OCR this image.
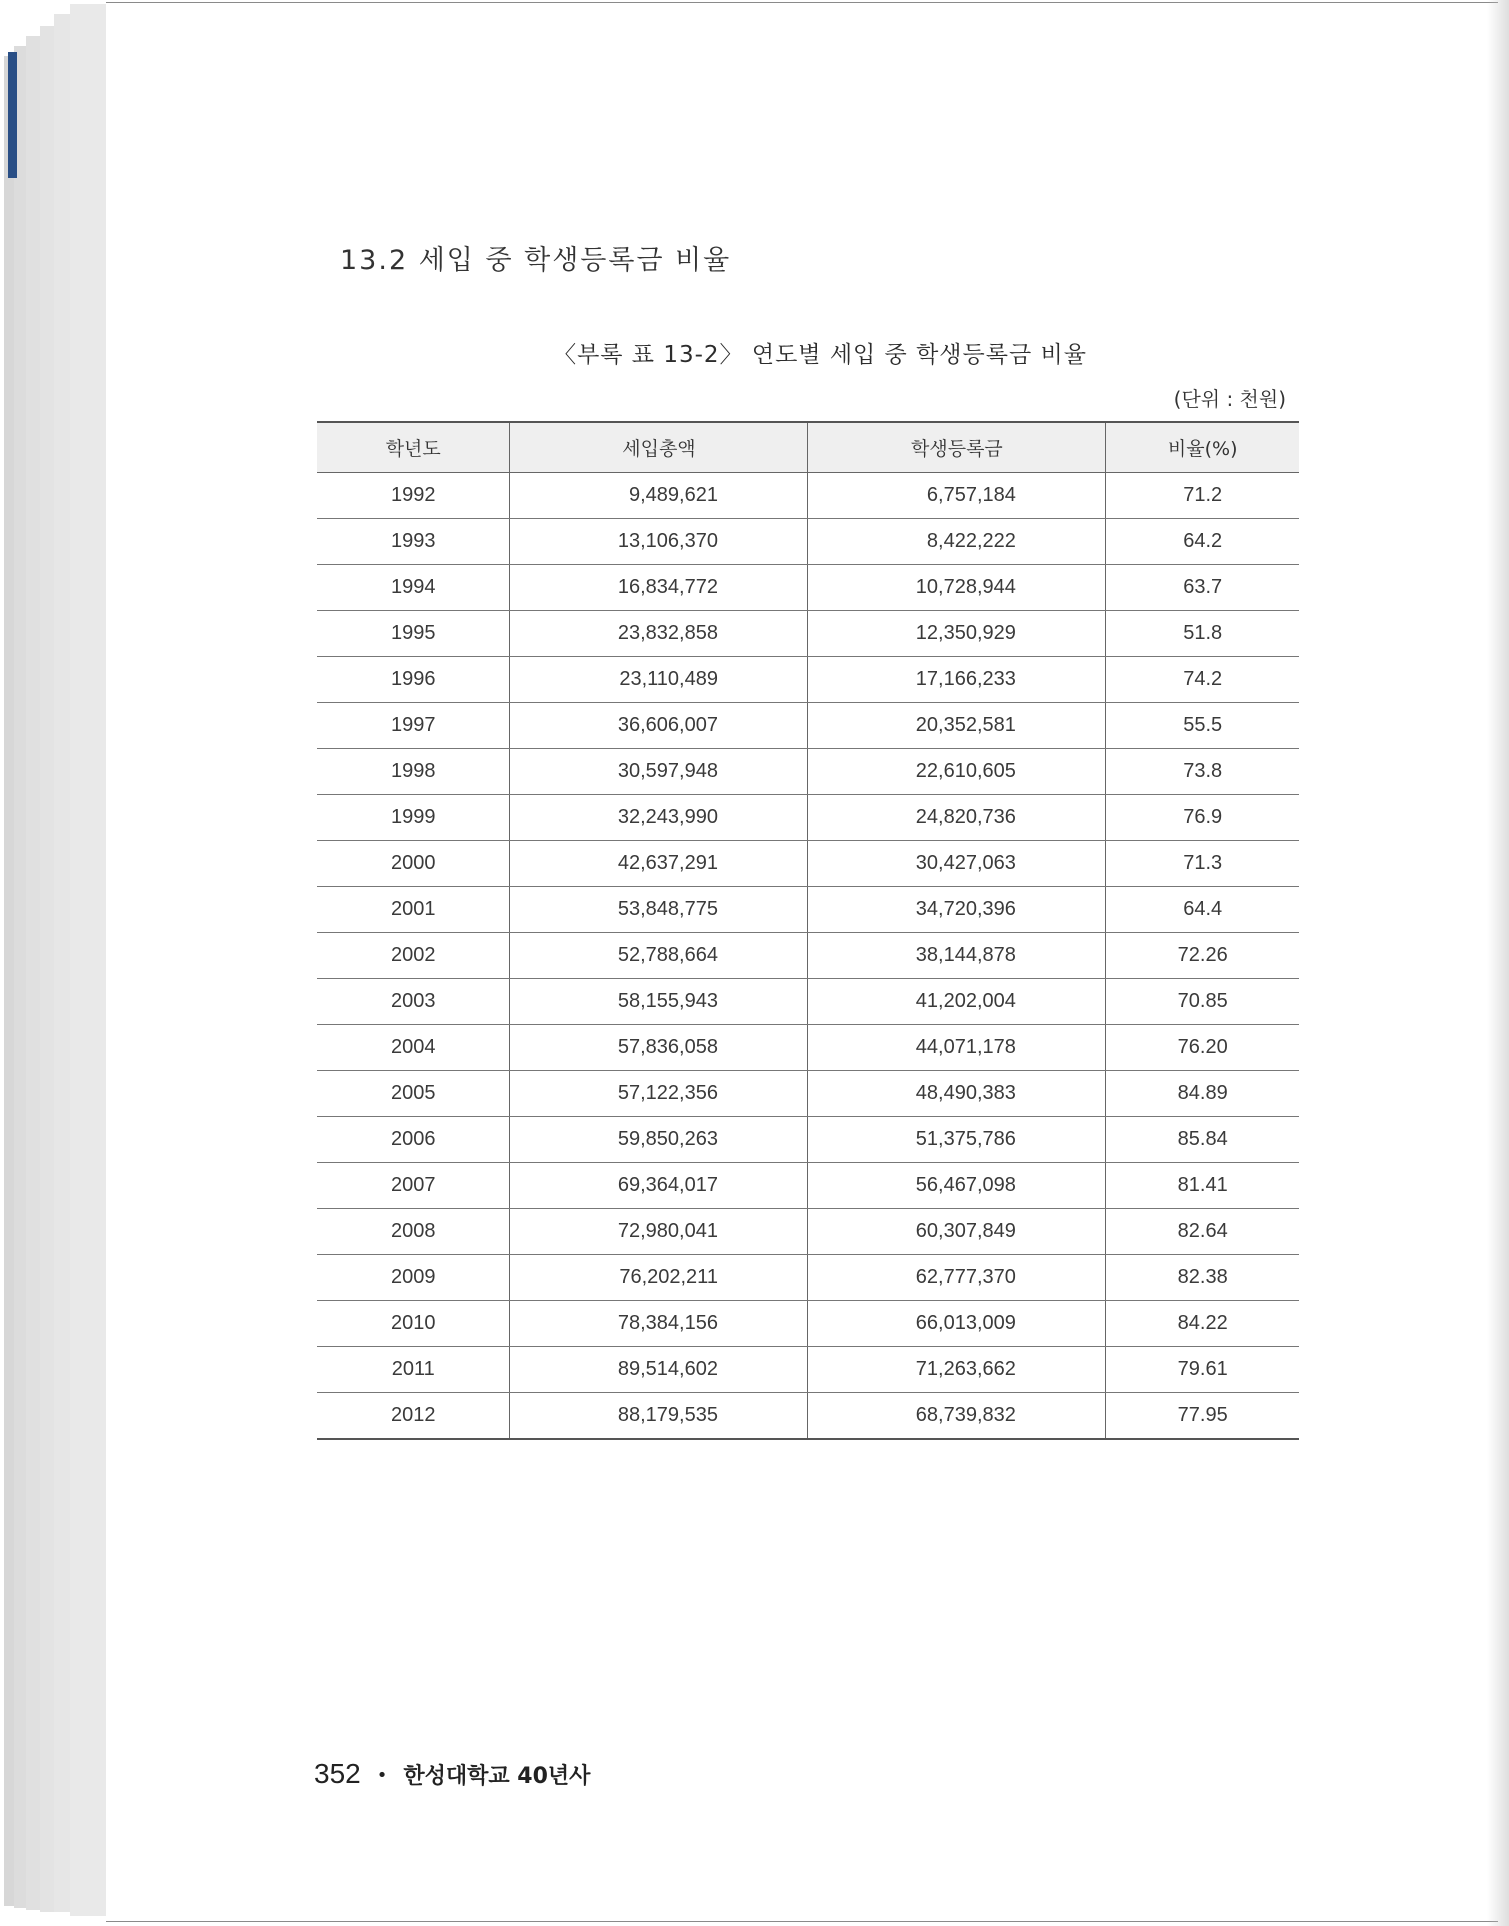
13.2 세입 중 학생등록금 비율
〈부록 표 13-2〉 연도별 세입 중 학생등록금 비율
(단위 : 천원)
학년도	세입총액	학생등록금	비율(%)
1992	9,489,621	6,757,184	71.2
1993	13,106,370	8,422,222	64.2
1994	16,834,772	10,728,944	63.7
1995	23,832,858	12,350,929	51.8
1996	23,110,489	17,166,233	74.2
1997	36,606,007	20,352,581	55.5
1998	30,597,948	22,610,605	73.8
1999	32,243,990	24,820,736	76.9
2000	42,637,291	30,427,063	71.3
2001	53,848,775	34,720,396	64.4
2002	52,788,664	38,144,878	72.26
2003	58,155,943	41,202,004	70.85
2004	57,836,058	44,071,178	76.20
2005	57,122,356	48,490,383	84.89
2006	59,850,263	51,375,786	85.84
2007	69,364,017	56,467,098	81.41
2008	72,980,041	60,307,849	82.64
2009	76,202,211	62,777,370	82.38
2010	78,384,156	66,013,009	84.22
2011	89,514,602	71,263,662	79.61
2012	88,179,535	68,739,832	77.95
352 • 한성대학교 40년사
